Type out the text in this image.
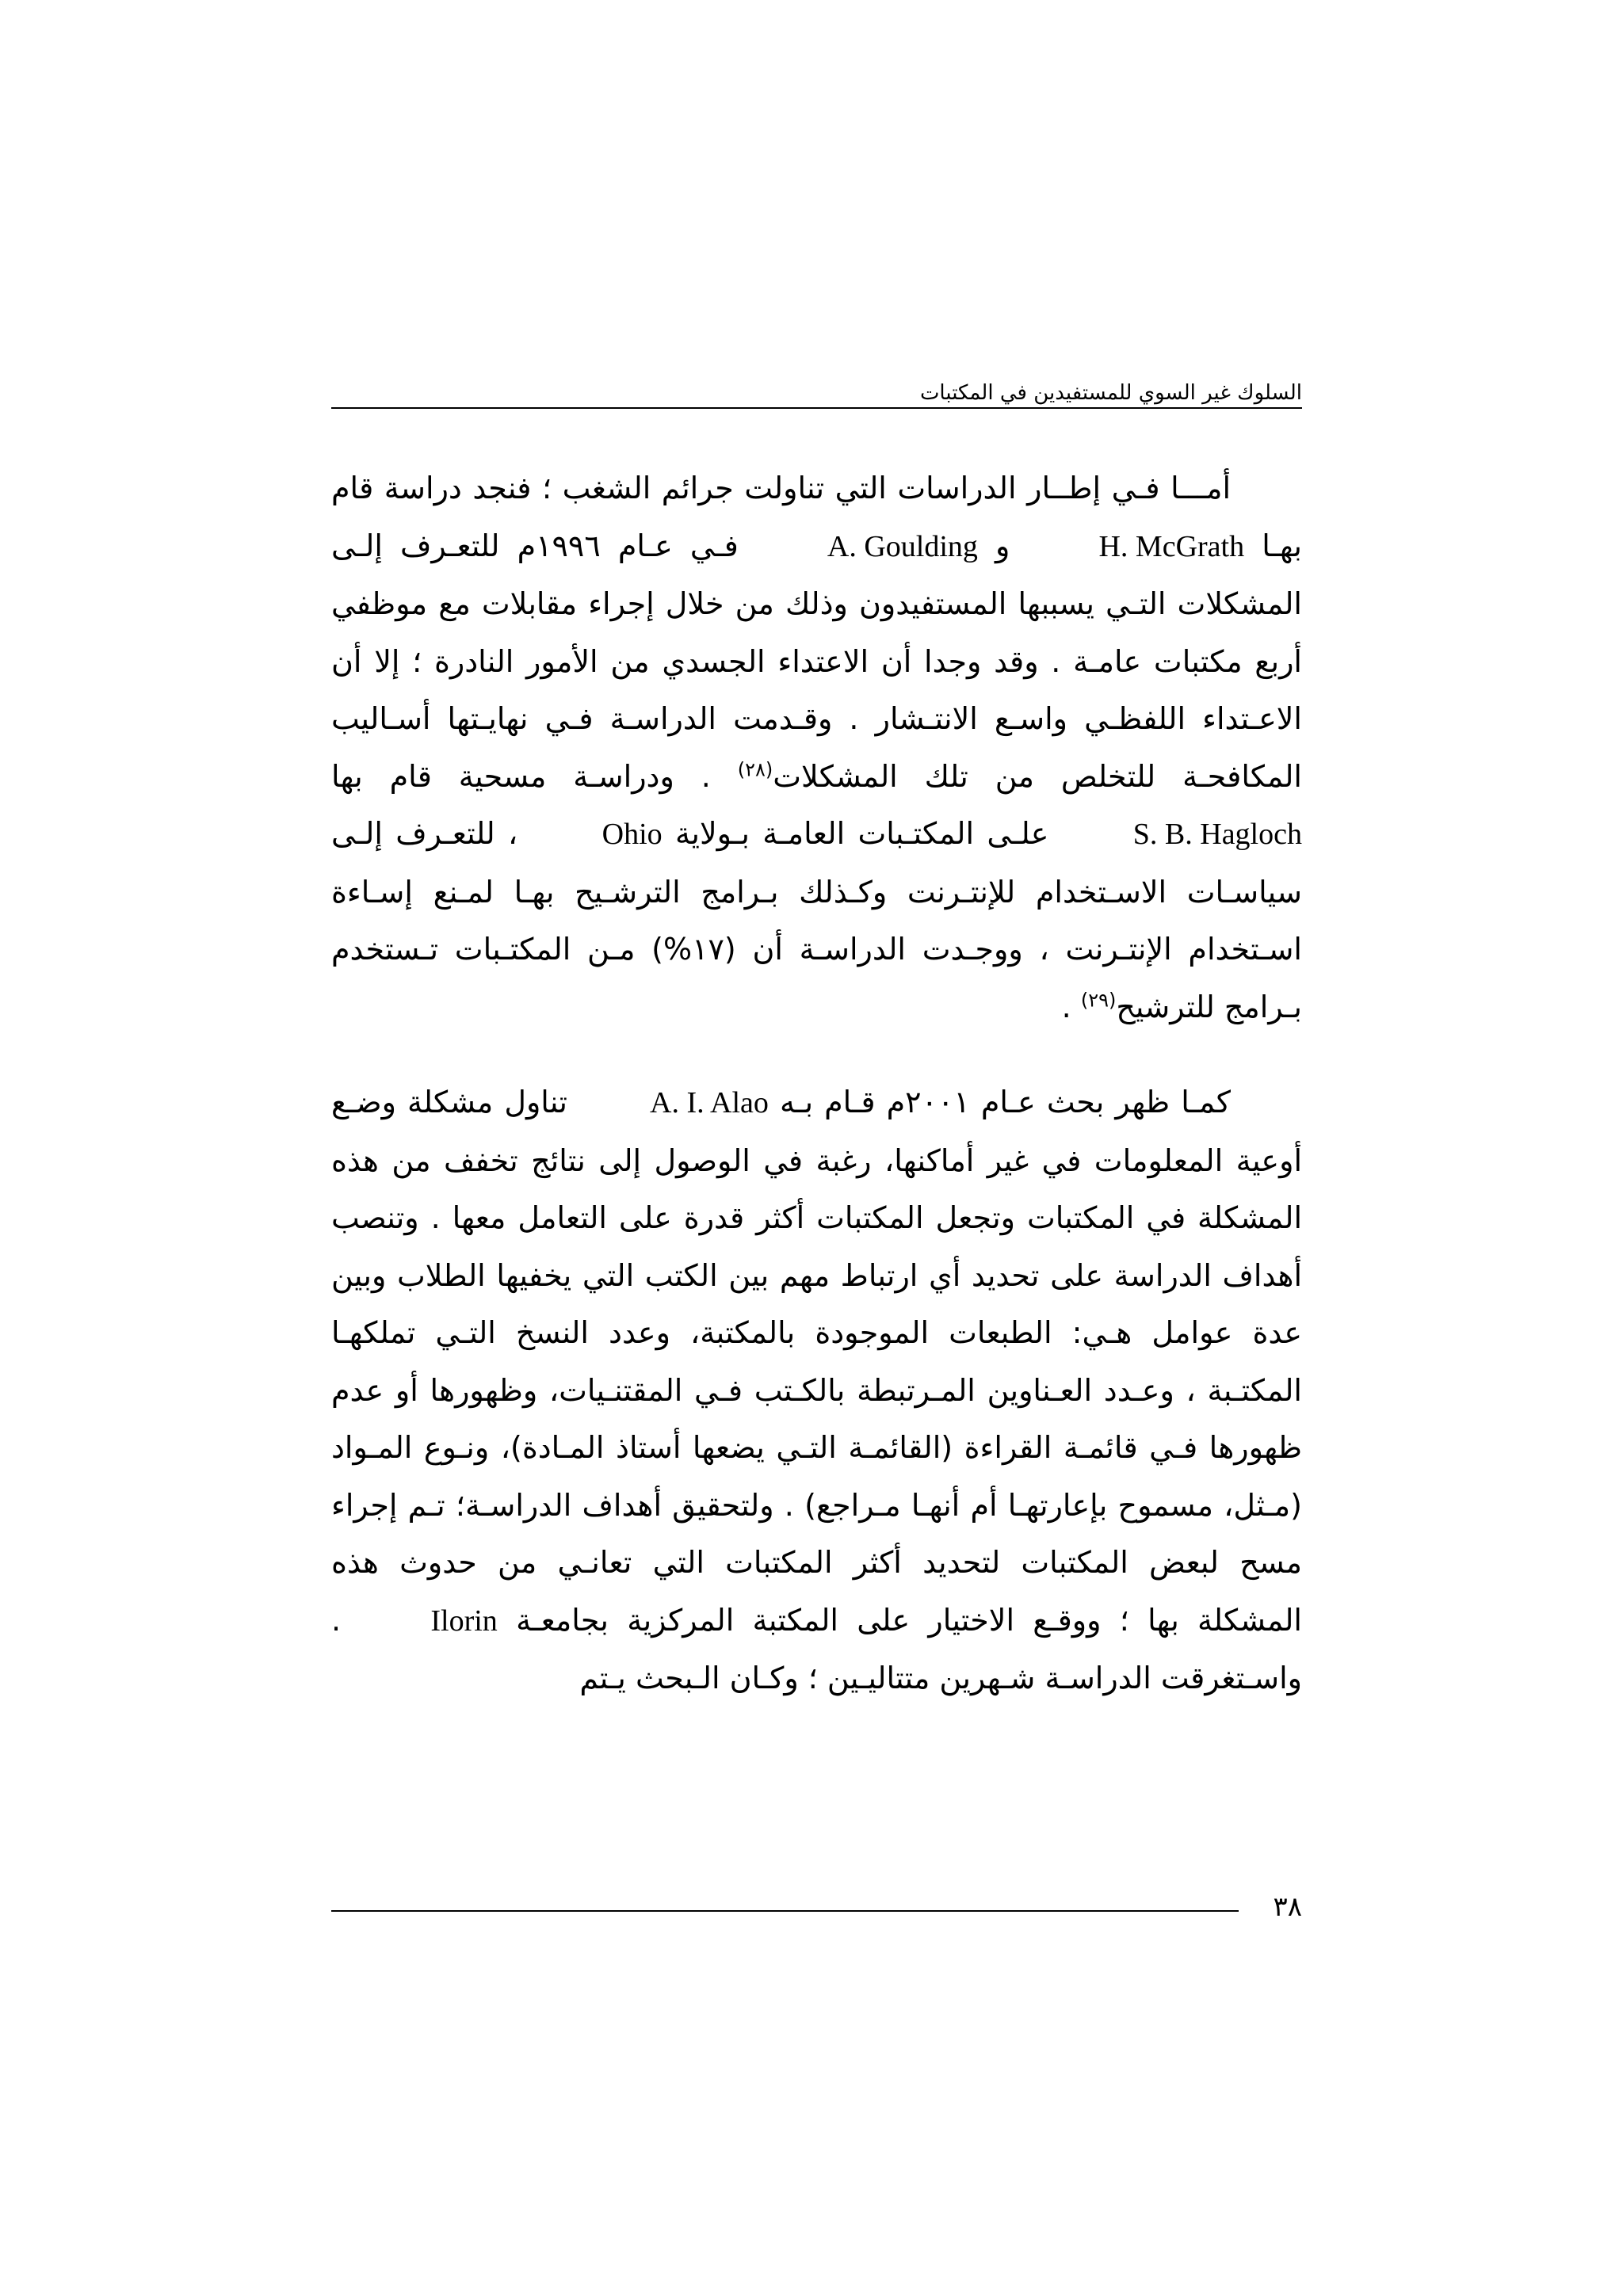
السلوك غير السوي للمستفيدين في المكتبات

أمـــا فـي إطــار الدراسات التي تناولت جرائم الشغب ؛ فنجد دراسة قام بهـا H. McGrath و A. Goulding فـي عـام ١٩٩٦م للتعـرف إلـى المشكلات التـي يسببها المستفيدون وذلك من خلال إجراء مقابلات مع موظفي أربع مكتبات عامـة . وقد وجدا أن الاعتداء الجسدي من الأمور النادرة ؛ إلا أن الاعـتداء اللفظـي واسـع الانتـشار . وقـدمت الدراسـة فـي نهايـتها أسـاليب المكافحـة للتخلص من تلك المشكلات$^{(٢٨)}$ . ودراسـة مسحية قام بها S. B. Hagloch علـى المكتـبات العامـة بـولاية Ohio ، للتعـرف إلـى سياسـات الاسـتخدام للإنتـرنت وكـذلك بـرامج الترشـيح بهـا لمـنع إسـاءة اسـتخدام الإنتـرنت ، ووجـدت الدراسـة أن (١٧%) مـن المكتـبات تـستخدم بـرامج للترشيح$^{(٢٩)}$ .

كمـا ظهر بحث عـام ٢٠٠١م قـام بـه A. I. Alao تناول مشكلة وضـع أوعية المعلومات في غير أماكنها، رغبة في الوصول إلى نتائج تخفف من هذه المشكلة في المكتبات وتجعل المكتبات أكثر قدرة على التعامل معها . وتنصب أهداف الدراسة على تحديد أي ارتباط مهم بين الكتب التي يخفيها الطلاب وبين عدة عوامل هـي: الطبعات الموجودة بالمكتبة، وعدد النسخ التـي تملكهـا المكتـبة ، وعـدد العـناوين المـرتبطة بالكـتب فـي المقتنـيات، وظهورها أو عدم ظهورها فـي قائمـة القراءة (القائمـة التـي يضعها أستاذ المـادة)، ونـوع المـواد (مـثل، مسموح بإعارتهـا أم أنهـا مـراجع) . ولتحقيق أهداف الدراسـة؛ تـم إجراء مسح لبعض المكتبات لتحديد أكثر المكتبات التي تعانـي من حدوث هذه المشكلة بها ؛ ووقـع الاختيار على المكتبة المركزية بجامعـة Ilorin . واسـتغرقت الدراسـة شـهرين متتاليـين ؛ وكـان الـبحث يـتم

٣٨
